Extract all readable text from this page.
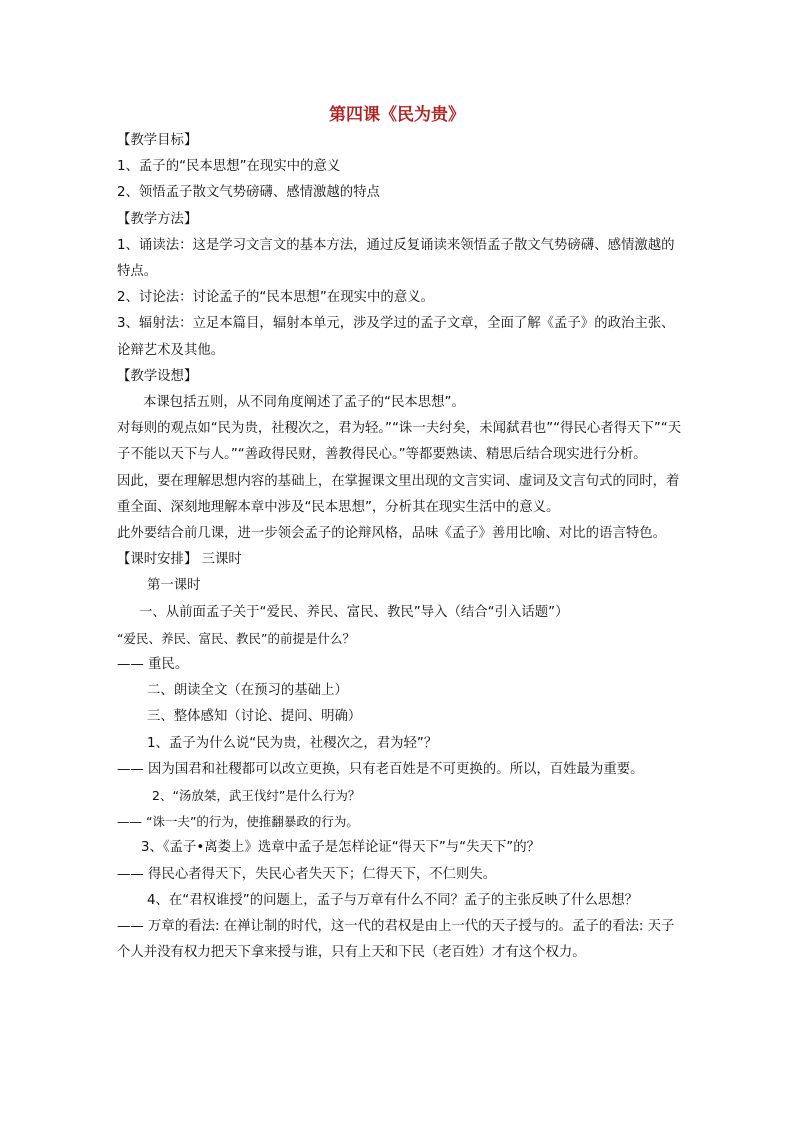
第四课《民为贵》

【教学目标】

1、孟子的“民本思想”在现实中的意义

2、领悟孟子散文气势磅礴、感情激越的特点

【教学方法】

1、诵读法：这是学习文言文的基本方法，通过反复诵读来领悟孟子散文气势磅礴、感情激越的特点。

2、讨论法：讨论孟子的“民本思想”在现实中的意义。

3、辐射法：立足本篇目，辐射本单元，涉及学过的孟子文章，全面了解《孟子》的政治主张、论辩艺术及其他。

【教学设想】

本课包括五则，从不同角度阐述了孟子的“民本思想”。

对每则的观点如“民为贵，社稷次之，君为轻。”“诛一夫纣矣，未闻弑君也”“得民心者得天下”“天子不能以天下与人。”“善政得民财，善教得民心。”等都要熟读、精思后结合现实进行分析。

因此，要在理解思想内容的基础上，在掌握课文里出现的文言实词、虚词及文言句式的同时，着重全面、深刻地理解本章中涉及“民本思想”，分析其在现实生活中的意义。

此外要结合前几课，进一步领会孟子的论辩风格，品味《孟子》善用比喻、对比的语言特色。

【课时安排】 三课时

第一课时

一、从前面孟子关于“爱民、养民、富民、教民”导入（结合“引入话题”）

“爱民、养民、富民、教民”的前提是什么？

—— 重民。

二、朗读全文（在预习的基础上）

三、整体感知（讨论、提问、明确）

1、孟子为什么说“民为贵，社稷次之，君为轻”？

—— 因为国君和社稷都可以改立更换，只有老百姓是不可更换的。所以，百姓最为重要。

2、“汤放桀，武王伐纣”是什么行为？

—— “诛一夫”的行为，使推翻暴政的行为。

3、《孟子•离娄上》选章中孟子是怎样论证“得天下”与“失天下”的？

—— 得民心者得天下，失民心者失天下；仁得天下，不仁则失。

4、在“君权谁授”的问题上，孟子与万章有什么不同？孟子的主张反映了什么思想？

—— 万章的看法: 在禅让制的时代，这一代的君权是由上一代的天子授与的。孟子的看法: 天子个人并没有权力把天下拿来授与谁，只有上天和下民（老百姓）才有这个权力。
